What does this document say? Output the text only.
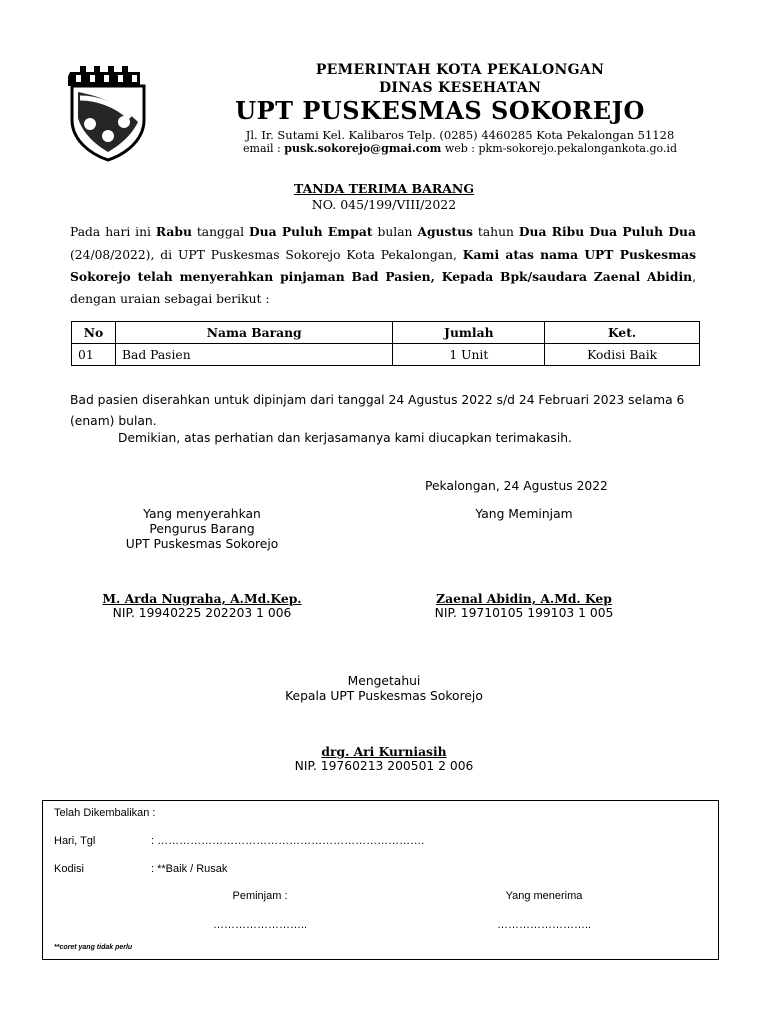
PEMERINTAH KOTA PEKALONGAN
DINAS KESEHATAN
UPT PUSKESMAS SOKOREJO
Jl. Ir. Sutami Kel. Kalibaros Telp. (0285) 4460285 Kota Pekalongan 51128
email : pusk.sokorejo@gmai.com web : pkm-sokorejo.pekalongankota.go.id
TANDA TERIMA BARANG
NO. 045/199/VIII/2022
Pada hari ini Rabu tanggal Dua Puluh Empat bulan Agustus tahun Dua Ribu Dua Puluh Dua (24/08/2022), di UPT Puskesmas Sokorejo Kota Pekalongan, Kami atas nama UPT Puskesmas Sokorejo telah menyerahkan pinjaman Bad Pasien, Kepada Bpk/saudara Zaenal Abidin, dengan uraian sebagai berikut :
No	Nama Barang	Jumlah	Ket.
01	Bad Pasien	1 Unit	Kodisi Baik
Bad pasien diserahkan untuk dipinjam dari tanggal 24 Agustus 2022 s/d 24 Februari 2023 selama 6 (enam) bulan.
Demikian, atas perhatian dan kerjasamanya kami diucapkan terimakasih.
Pekalongan, 24 Agustus 2022
Yang menyerahkan
Pengurus Barang
UPT Puskesmas Sokorejo
Yang Meminjam
M. Arda Nugraha, A.Md.Kep.
NIP. 19940225 202203 1 006
Zaenal Abidin, A.Md. Kep
NIP. 19710105 199103 1 005
Mengetahui
Kepala UPT Puskesmas Sokorejo
drg. Ari Kurniasih
NIP. 19760213 200501 2 006
Telah Dikembalikan :
Hari, Tgl	: ……………………………………………………………….
Kodisi	: **Baik / Rusak
Peminjam :	Yang menerima
……………………..	……………………..
**coret yang tidak perlu
